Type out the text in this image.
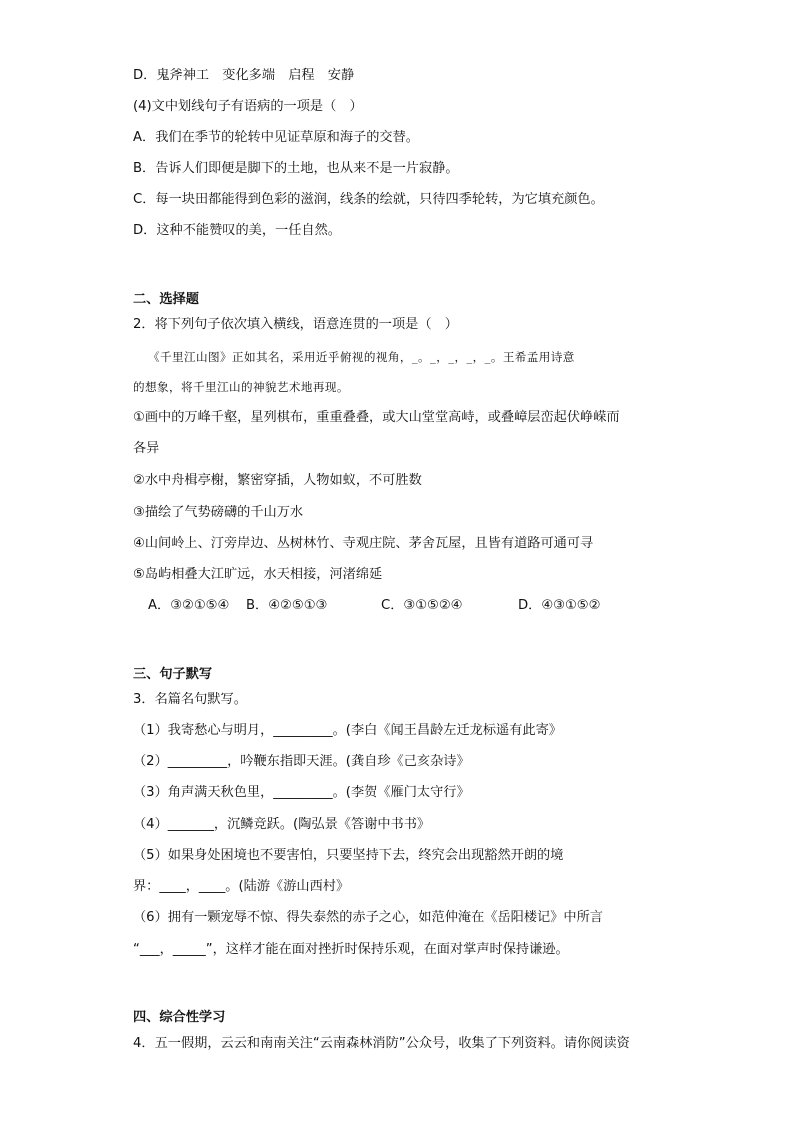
D．鬼斧神工　变化多端　启程　安静
(4)文中划线句子有语病的一项是（　）
A．我们在季节的轮转中见证草原和海子的交替。
B．告诉人们即便是脚下的土地，也从来不是一片寂静。
C．每一块田都能得到色彩的滋润，线条的绘就，只待四季轮转，为它填充颜色。
D．这种不能赞叹的美，一任自然。
二、选择题
2．将下列句子依次填入横线，语意连贯的一项是（　）
《千里江山图》正如其名，采用近乎俯视的视角，_。_，_，_，_。王希孟用诗意
的想象，将千里江山的神貌艺术地再现。
①画中的万峰千壑，星列棋布，重重叠叠，或大山堂堂高峙，或叠嶂层峦起伏峥嵘而
各异
②水中舟楫亭榭，繁密穿插，人物如蚁，不可胜数
③描绘了气势磅礴的千山万水
④山间岭上、汀旁岸边、丛树林竹、寺观庄院、茅舍瓦屋，且皆有道路可通可寻
⑤岛屿相叠大江旷远，水天相接，河渚绵延
A．③②①⑤④ B．④②⑤①③	C．③①⑤②④	D．④③①⑤②
三、句子默写
3．名篇名句默写。
（1）我寄愁心与明月，_________。(李白《闻王昌龄左迁龙标遥有此寄》
（2）_________，吟鞭东指即天涯。(龚自珍《己亥杂诗》
（3）角声满天秋色里，_________。(李贺《雁门太守行》
（4）_______，沉鳞竞跃。(陶弘景《答谢中书书》
（5）如果身处困境也不要害怕，只要坚持下去，终究会出现豁然开朗的境
界：____，____。(陆游《游山西村》
（6）拥有一颗宠辱不惊、得失泰然的赤子之心，如范仲淹在《岳阳楼记》中所言
“___，_____”，这样才能在面对挫折时保持乐观，在面对掌声时保持谦逊。
四、综合性学习
4．五一假期，云云和南南关注“云南森林消防”公众号，收集了下列资料。请你阅读资
